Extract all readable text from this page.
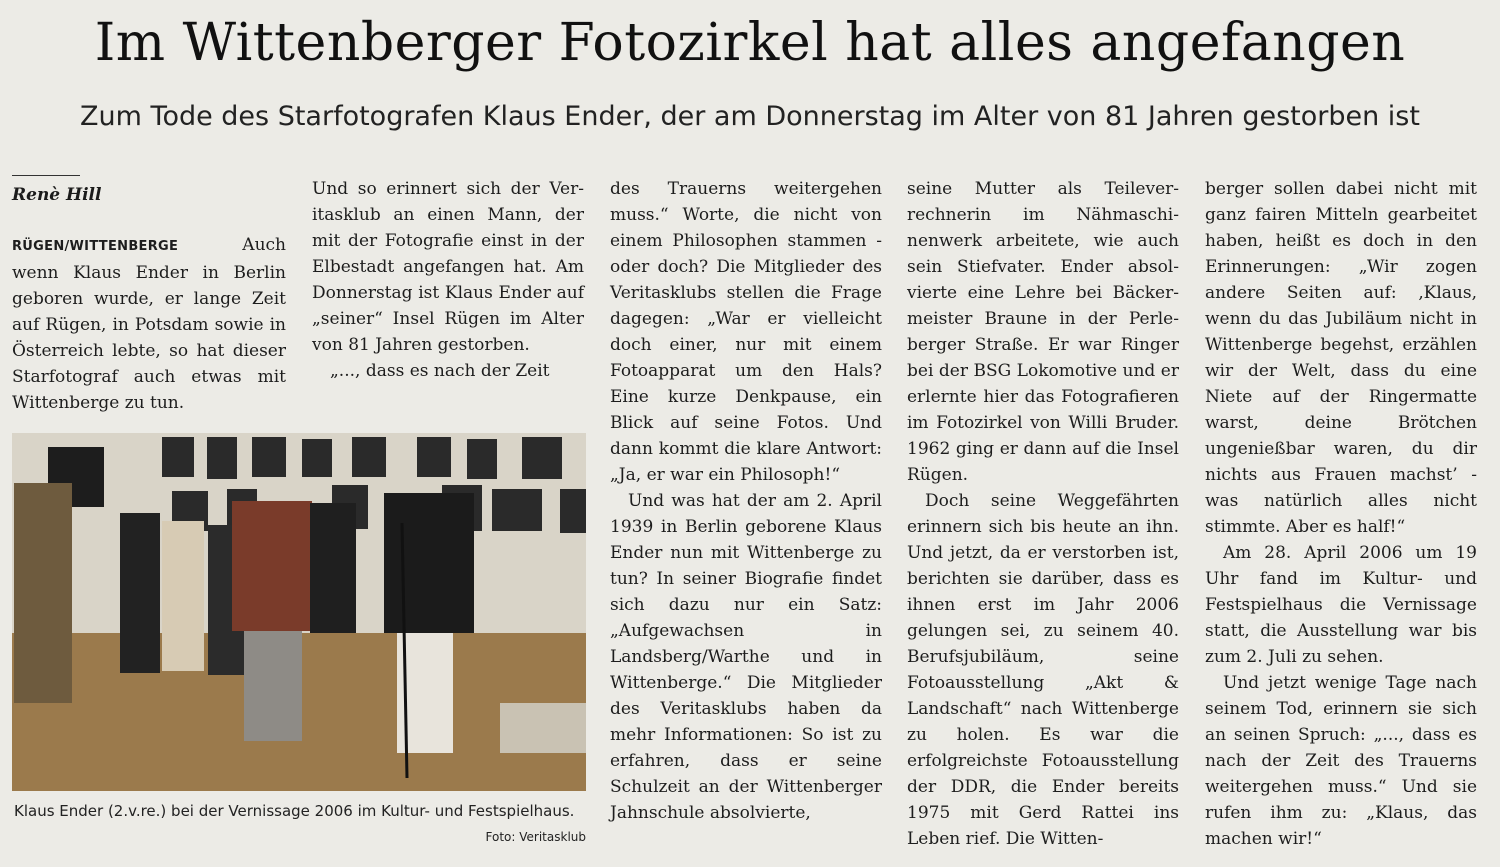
Im Wittenberger Fotozirkel hat alles angefangen
Zum Tode des Starfotografen Klaus Ender, der am Donnerstag im Alter von 81 Jahren gestorben ist
Renè Hill

RÜGEN/WITTENBERGE	Auch wenn Klaus Ender in Berlin geboren wurde, er lange Zeit auf Rügen, in Potsdam sowie in Österreich lebte, so hat dieser Starfotograf auch etwas mit Wittenberge zu tun.

Klaus Ender (2.v.re.) bei der Vernissage 2006 im Kultur- und Festspielhaus.
Foto: Veritasklub

Und so erinnert sich der Veritasklub an einen Mann, der mit der Fotografie einst in der Elbestadt angefangen hat. Am Donnerstag ist Klaus Ender auf „seiner“ Insel Rügen im Alter von 81 Jahren gestorben.

„..., dass es nach der Zeit

des Trauerns weitergehen muss.“ Worte, die nicht von einem Philosophen stammen - oder doch? Die Mitglieder des Veritasklubs stellen die Frage dagegen: „War er vielleicht doch einer, nur mit einem Fotoapparat um den Hals? Eine kurze Denkpause, ein Blick auf seine Fotos. Und dann kommt die klare Antwort: „Ja, er war ein Philosoph!“

Und was hat der am 2. April 1939 in Berlin geborene Klaus Ender nun mit Wittenberge zu tun? In seiner Biografie findet sich dazu nur ein Satz: „Aufgewachsen in Landsberg/Warthe und in Wittenberge.“ Die Mitglieder des Veritasklubs haben da mehr Informationen: So ist zu erfahren, dass er seine Schulzeit an der Wittenberger Jahnschule absolvierte,

seine Mutter als Teileverrechnerin im Nähmaschinenwerk arbeitete, wie auch sein Stiefvater. Ender absolvierte eine Lehre bei Bäckermeister Braune in der Perleberger Straße. Er war Ringer bei der BSG Lokomotive und er erlernte hier das Fotografieren im Fotozirkel von Willi Bruder. 1962 ging er dann auf die Insel Rügen.

Doch seine Weggefährten erinnern sich bis heute an ihn. Und jetzt, da er verstorben ist, berichten sie darüber, dass es ihnen erst im Jahr 2006 gelungen sei, zu seinem 40. Berufsjubiläum, seine Fotoausstellung „Akt & Landschaft“ nach Wittenberge zu holen. Es war die erfolgreichste Fotoausstellung der DDR, die Ender bereits 1975 mit Gerd Rattei ins Leben rief. Die Witten-

berger sollen dabei nicht mit ganz fairen Mitteln gearbeitet haben, heißt es doch in den Erinnerungen: „Wir zogen andere Seiten auf: ‚Klaus, wenn du das Jubiläum nicht in Wittenberge begehst, erzählen wir der Welt, dass du eine Niete auf der Ringermatte warst, deine Brötchen ungenießbar waren, du dir nichts aus Frauen machst’ - was natürlich alles nicht stimmte. Aber es half!“

Am 28. April 2006 um 19 Uhr fand im Kultur- und Festspielhaus die Vernissage statt, die Ausstellung war bis zum 2. Juli zu sehen.

Und jetzt wenige Tage nach seinem Tod, erinnern sie sich an seinen Spruch: „..., dass es nach der Zeit des Trauerns weitergehen muss.“ Und sie rufen ihm zu: „Klaus, das machen wir!“
